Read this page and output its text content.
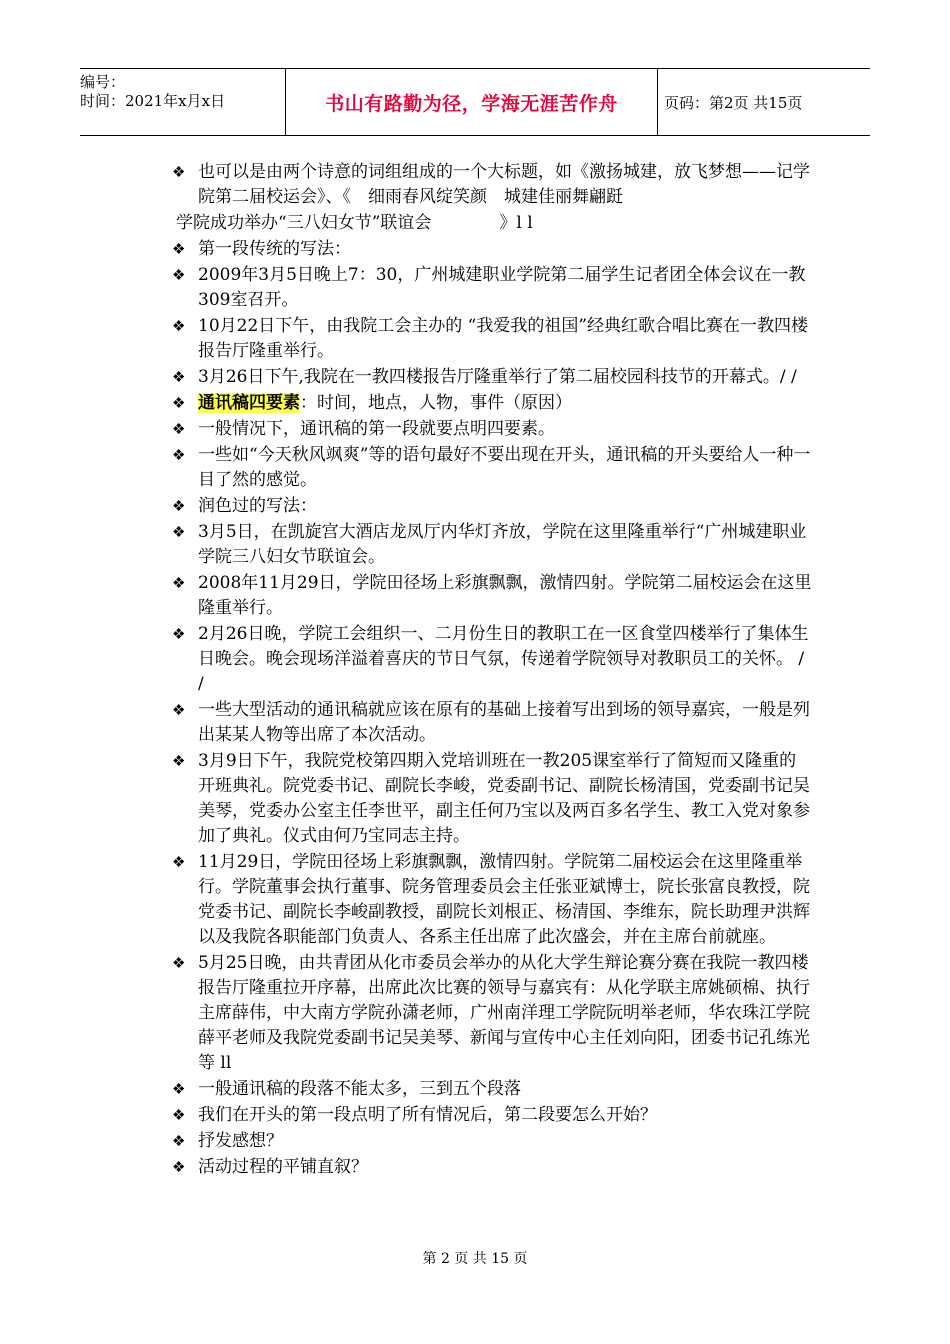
编号：
时间：2021年x月x日	书山有路勤为径，学海无涯苦作舟	页码：第2页 共15页
❖ 也可以是由两个诗意的词组组成的一个大标题，如《激扬城建，放飞梦想——记学院第二届校运会》、《　细雨春风绽笑颜　城建佳丽舞翩跹
学院成功举办“三八妇女节”联谊会　　　　》l l
❖ 第一段传统的写法：
❖ 2009年3月5日晚上7：30，广州城建职业学院第二届学生记者团全体会议在一教309室召开。
❖ 10月22日下午，由我院工会主办的 “我爱我的祖国”经典红歌合唱比赛在一教四楼报告厅隆重举行。
❖ 3月26日下午,我院在一教四楼报告厅隆重举行了第二届校园科技节的开幕式。/ /
❖ 通讯稿四要素：时间，地点，人物，事件（原因）
❖ 一般情况下，通讯稿的第一段就要点明四要素。
❖ 一些如“今天秋风飒爽”等的语句最好不要出现在开头，通讯稿的开头要给人一种一目了然的感觉。
❖ 润色过的写法：
❖ 3月5日，在凯旋宫大酒店龙凤厅内华灯齐放，学院在这里隆重举行“广州城建职业学院三八妇女节联谊会。
❖ 2008年11月29日，学院田径场上彩旗飘飘，激情四射。学院第二届校运会在这里隆重举行。
❖ 2月26日晚，学院工会组织一、二月份生日的教职工在一区食堂四楼举行了集体生日晚会。晚会现场洋溢着喜庆的节日气氛，传递着学院领导对教职员工的关怀。 / /
❖ 一些大型活动的通讯稿就应该在原有的基础上接着写出到场的领导嘉宾，一般是列出某某人物等出席了本次活动。
❖ 3月9日下午，我院党校第四期入党培训班在一教205课室举行了简短而又隆重的开班典礼。院党委书记、副院长李峻，党委副书记、副院长杨清国，党委副书记吴美琴，党委办公室主任李世平，副主任何乃宝以及两百多名学生、教工入党对象参加了典礼。仪式由何乃宝同志主持。
❖ 11月29日，学院田径场上彩旗飘飘，激情四射。学院第二届校运会在这里隆重举行。学院董事会执行董事、院务管理委员会主任张亚斌博士，院长张富良教授，院党委书记、副院长李峻副教授，副院长刘根正、杨清国、李维东，院长助理尹洪辉以及我院各职能部门负责人、各系主任出席了此次盛会，并在主席台前就座。
❖ 5月25日晚，由共青团从化市委员会举办的从化大学生辩论赛分赛在我院一教四楼报告厅隆重拉开序幕，出席此次比赛的领导与嘉宾有：从化学联主席姚硕棉、执行主席薛伟，中大南方学院孙潇老师，广州南洋理工学院阮明举老师，华农珠江学院薛平老师及我院党委副书记吴美琴、新闻与宣传中心主任刘向阳，团委书记孔练光等 ll
❖ 一般通讯稿的段落不能太多，三到五个段落
❖ 我们在开头的第一段点明了所有情况后，第二段要怎么开始？
❖ 抒发感想？
❖ 活动过程的平铺直叙？
第 2 页 共 15 页
